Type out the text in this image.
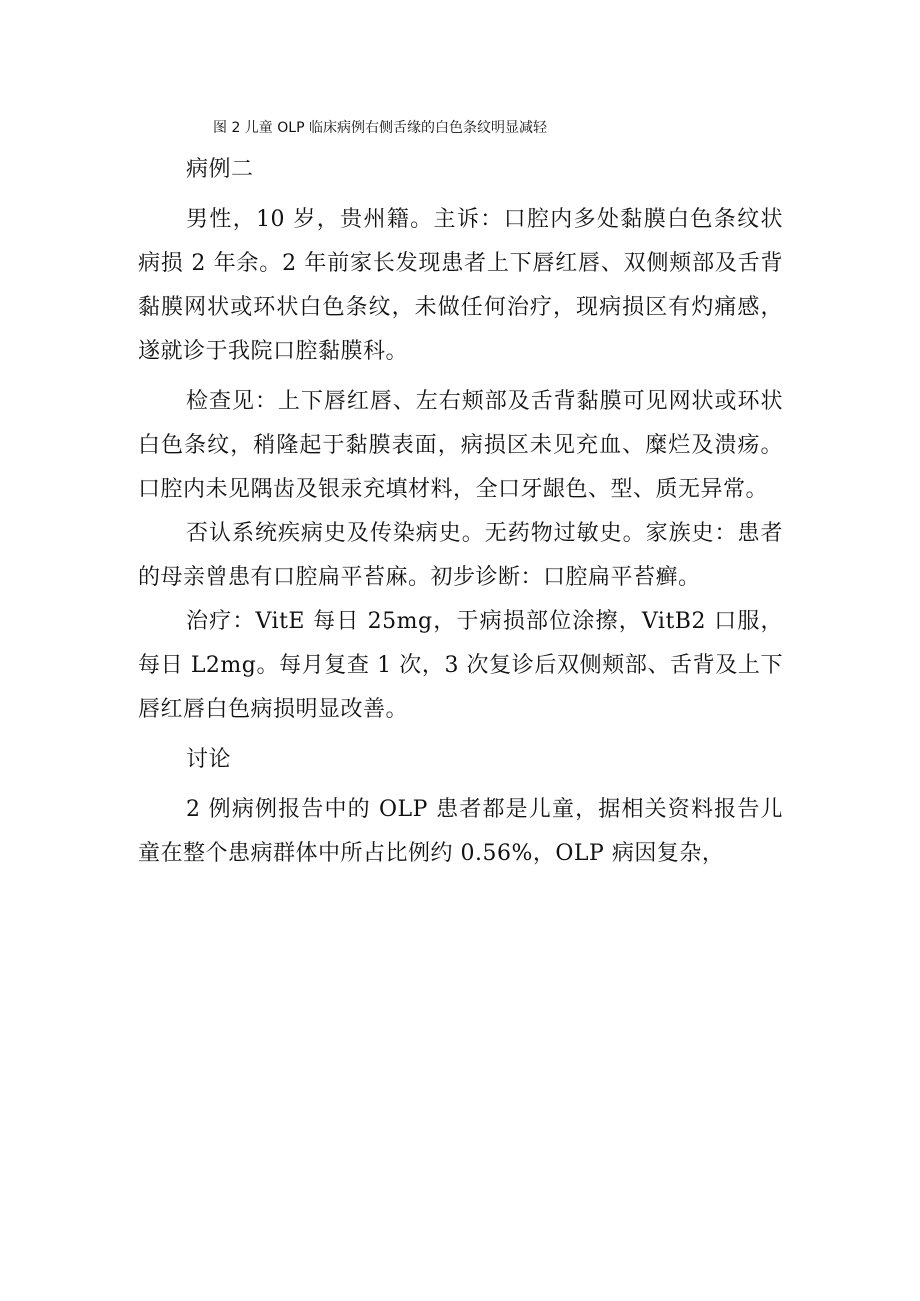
图 2 儿童 OLP 临床病例右侧舌缘的白色条纹明显减轻

病例二

男性，10 岁，贵州籍。主诉：口腔内多处黏膜白色条纹状病损 2 年余。2 年前家长发现患者上下唇红唇、双侧颊部及舌背黏膜网状或环状白色条纹，未做任何治疗，现病损区有灼痛感，遂就诊于我院口腔黏膜科。

检查见：上下唇红唇、左右颊部及舌背黏膜可见网状或环状白色条纹，稍隆起于黏膜表面，病损区未见充血、糜烂及溃疡。口腔内未见隅齿及银汞充填材料，全口牙龈色、型、质无异常。

否认系统疾病史及传染病史。无药物过敏史。家族史：患者的母亲曾患有口腔扁平苔麻。初步诊断：口腔扁平苔癣。

治疗：VitE 每日 25mg，于病损部位涂擦，VitB2 口服，每日 L2mg。每月复查 1 次，3 次复诊后双侧颊部、舌背及上下唇红唇白色病损明显改善。

讨论

2 例病例报告中的 OLP 患者都是儿童，据相关资料报告儿童在整个患病群体中所占比例约 0.56%，OLP 病因复杂，
